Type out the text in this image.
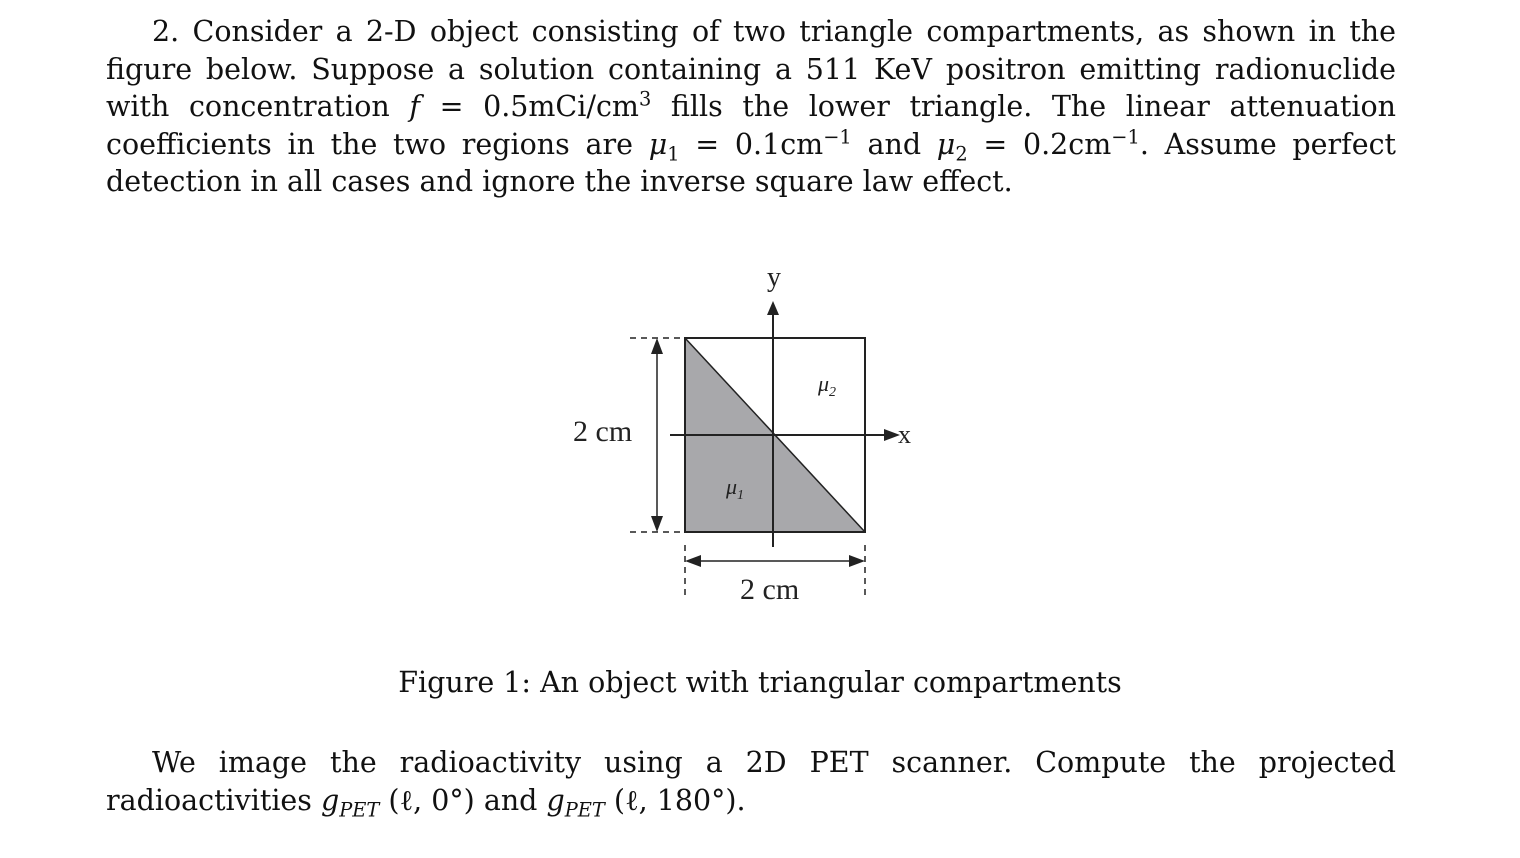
2. Consider a 2-D object consisting of two triangle compartments, as shown in the figure below. Suppose a solution containing a 511 KeV positron emitting radionuclide with concentration $f = 0.5mCi/cm^3$ fills the lower triangle. The linear attenuation coefficients in the two regions are $\mu_1 = 0.1cm^{-1}$ and $\mu_2 = 0.2cm^{-1}$. Assume perfect detection in all cases and ignore the inverse square law effect.
y
x
2 cm
2 cm
$\mu_2$
$\mu_1$
Figure 1: An object with triangular compartments
We image the radioactivity using a 2D PET scanner. Compute the projected radioactivities $g_{PET}$ (ℓ, 0°) and $g_{PET}$ (ℓ, 180°).
